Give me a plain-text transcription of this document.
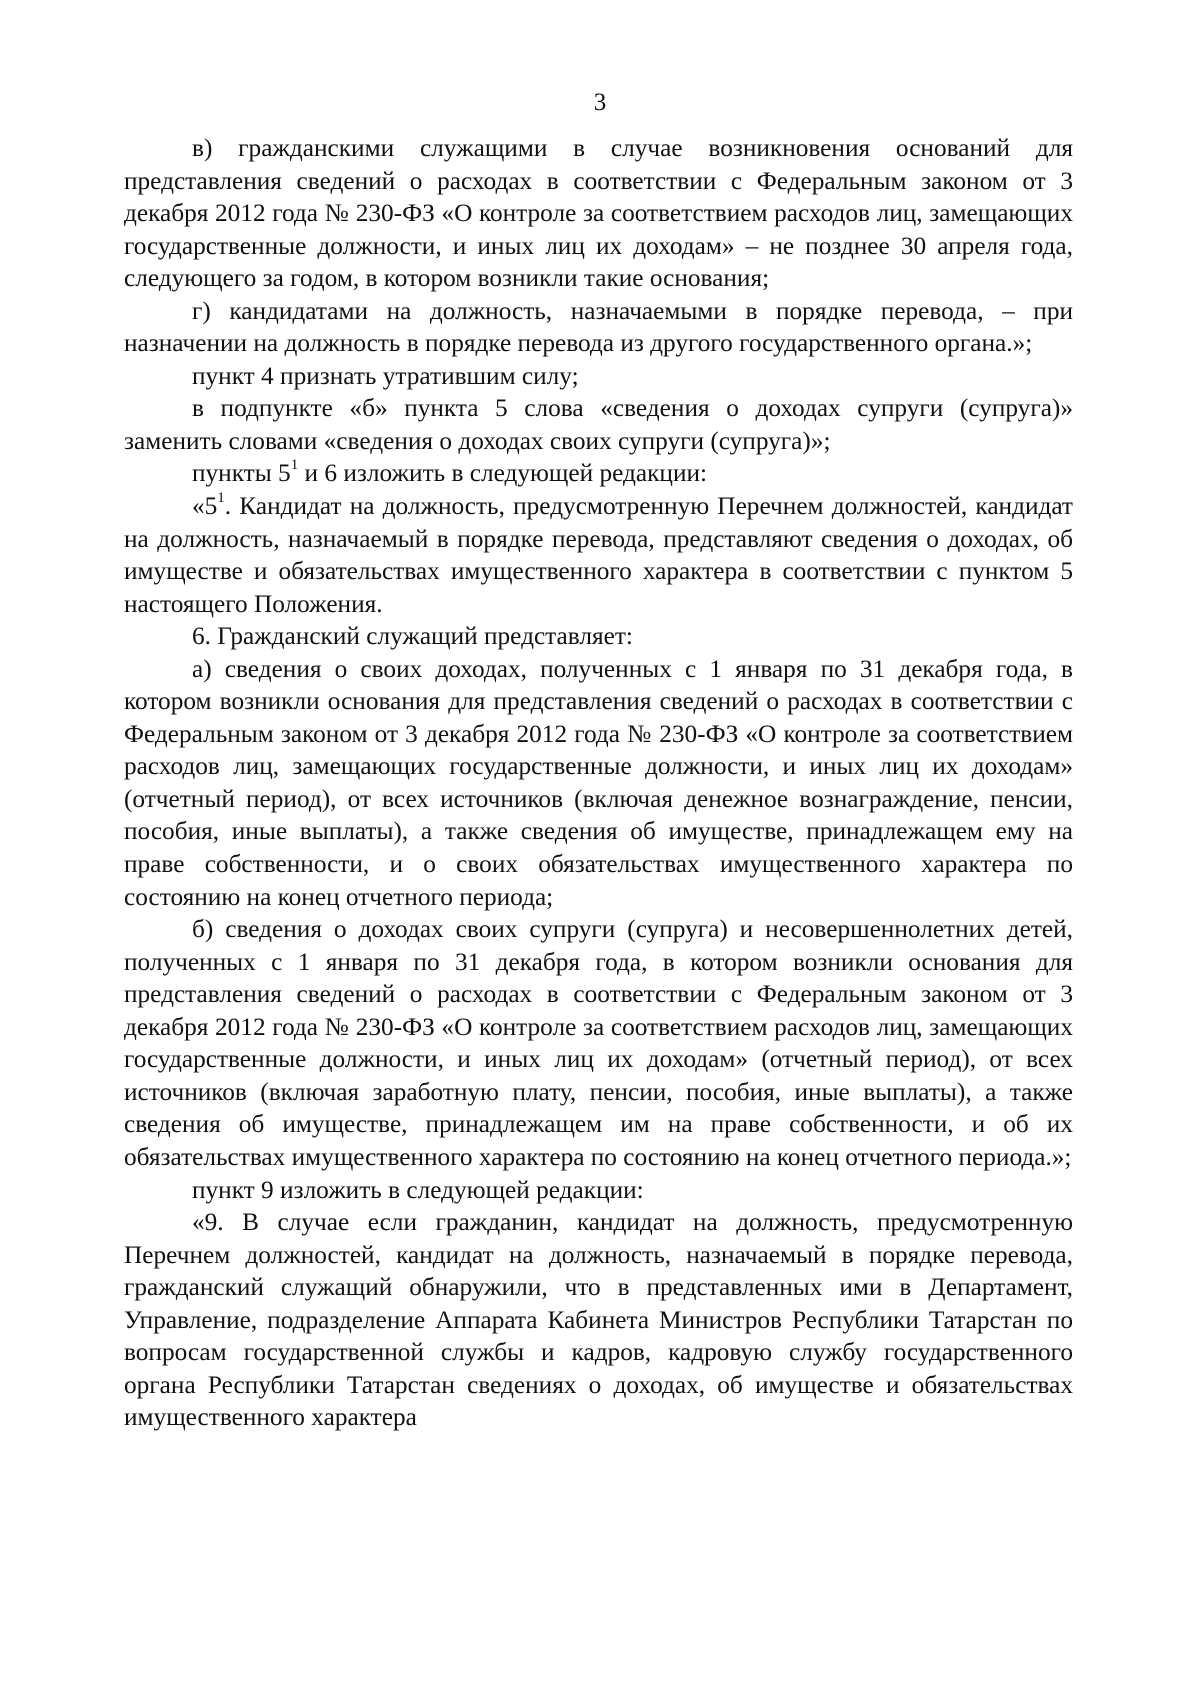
3

в) гражданскими служащими в случае возникновения оснований для представления сведений о расходах в соответствии с Федеральным законом от 3 декабря 2012 года № 230-ФЗ «О контроле за соответствием расходов лиц, замещающих государственные должности, и иных лиц их доходам» – не позднее 30 апреля года, следующего за годом, в котором возникли такие основания;

г) кандидатами на должность, назначаемыми в порядке перевода, – при назначении на должность в порядке перевода из другого государственного органа.»;

пункт 4 признать утратившим силу;

в подпункте «б» пункта 5 слова «сведения о доходах супруги (супруга)» заменить словами «сведения о доходах своих супруги (супруга)»;

пункты $5^1$ и 6 изложить в следующей редакции:

«$5^1$. Кандидат на должность, предусмотренную Перечнем должностей, кандидат на должность, назначаемый в порядке перевода, представляют сведения о доходах, об имуществе и обязательствах имущественного характера в соответствии с пунктом 5 настоящего Положения.

6. Гражданский служащий представляет:

а) сведения о своих доходах, полученных с 1 января по 31 декабря года, в котором возникли основания для представления сведений о расходах в соответствии с Федеральным законом от 3 декабря 2012 года № 230-ФЗ «О контроле за соответствием расходов лиц, замещающих государственные должности, и иных лиц их доходам» (отчетный период), от всех источников (включая денежное вознаграждение, пенсии, пособия, иные выплаты), а также сведения об имуществе, принадлежащем ему на праве собственности, и о своих обязательствах имущественного характера по состоянию на конец отчетного периода;

б) сведения о доходах своих супруги (супруга) и несовершеннолетних детей, полученных с 1 января по 31 декабря года, в котором возникли основания для представления сведений о расходах в соответствии с Федеральным законом от 3 декабря 2012 года № 230-ФЗ «О контроле за соответствием расходов лиц, замещающих государственные должности, и иных лиц их доходам» (отчетный период), от всех источников (включая заработную плату, пенсии, пособия, иные выплаты), а также сведения об имуществе, принадлежащем им на праве собственности, и об их обязательствах имущественного характера по состоянию на конец отчетного периода.»;

пункт 9 изложить в следующей редакции:

«9. В случае если гражданин, кандидат на должность, предусмотренную Перечнем должностей, кандидат на должность, назначаемый в порядке перевода, гражданский служащий обнаружили, что в представленных ими в Департамент, Управление, подразделение Аппарата Кабинета Министров Республики Татарстан по вопросам государственной службы и кадров, кадровую службу государственного органа Республики Татарстан сведениях о доходах, об имуществе и обязательствах имущественного характера
